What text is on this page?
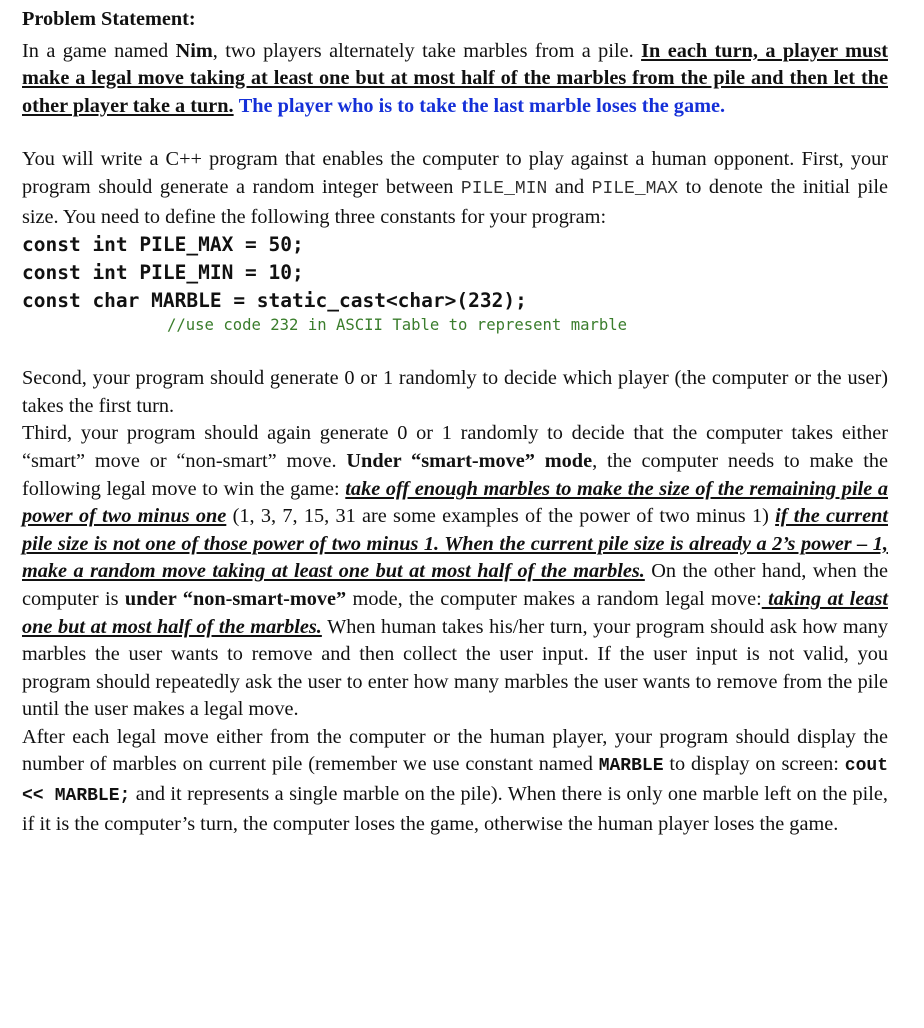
Problem Statement:

In a game named Nim, two players alternately take marbles from a pile. In each turn, a player must make a legal move taking at least one but at most half of the marbles from the pile and then let the other player take a turn. The player who is to take the last marble loses the game.

You will write a C++ program that enables the computer to play against a human opponent. First, your program should generate a random integer between PILE_MIN and PILE_MAX to denote the initial pile size. You need to define the following three constants for your program:

const int PILE_MAX = 50;
const int PILE_MIN = 10;
const char MARBLE = static_cast<char>(232);
//use code 232 in ASCII Table to represent marble

Second, your program should generate 0 or 1 randomly to decide which player (the computer or the user) takes the first turn.

Third, your program should again generate 0 or 1 randomly to decide that the computer takes either “smart” move or “non-smart” move. Under “smart-move” mode, the computer needs to make the following legal move to win the game: take off enough marbles to make the size of the remaining pile a power of two minus one (1, 3, 7, 15, 31 are some examples of the power of two minus 1) if the current pile size is not one of those power of two minus 1. When the current pile size is already a 2’s power – 1, make a random move taking at least one but at most half of the marbles. On the other hand, when the computer is under “non-smart-move” mode, the computer makes a random legal move: taking at least one but at most half of the marbles. When human takes his/her turn, your program should ask how many marbles the user wants to remove and then collect the user input. If the user input is not valid, you program should repeatedly ask the user to enter how many marbles the user wants to remove from the pile until the user makes a legal move.

After each legal move either from the computer or the human player, your program should display the number of marbles on current pile (remember we use constant named MARBLE to display on screen: cout << MARBLE; and it represents a single marble on the pile). When there is only one marble left on the pile, if it is the computer’s turn, the computer loses the game, otherwise the human player loses the game.
